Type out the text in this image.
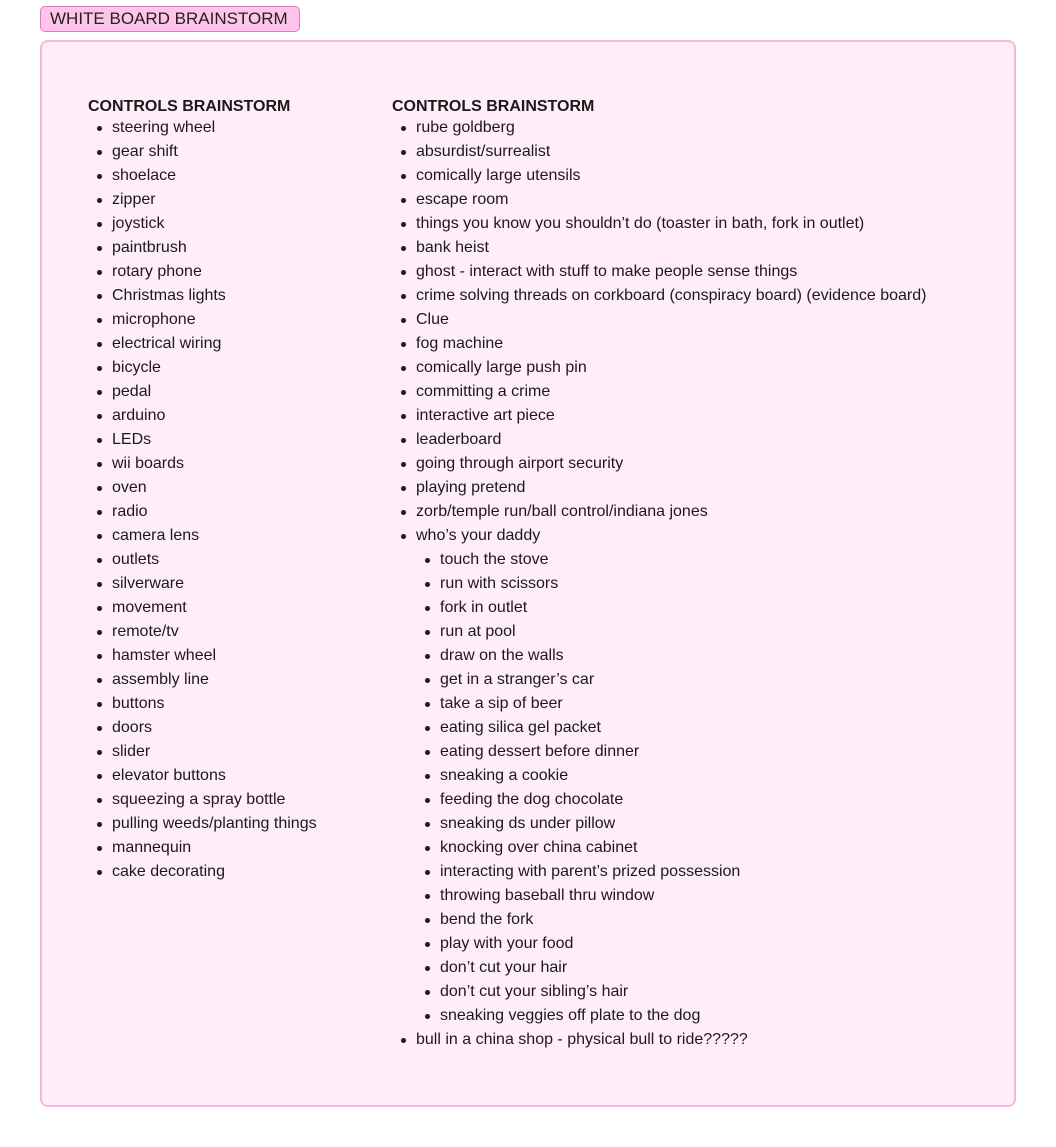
WHITE BOARD BRAINSTORM
CONTROLS BRAINSTORM
steering wheel
gear shift
shoelace
zipper
joystick
paintbrush
rotary phone
Christmas lights
microphone
electrical wiring
bicycle
pedal
arduino
LEDs
wii boards
oven
radio
camera lens
outlets
silverware
movement
remote/tv
hamster wheel
assembly line
buttons
doors
slider
elevator buttons
squeezing a spray bottle
pulling weeds/planting things
mannequin
cake decorating
CONTROLS BRAINSTORM
rube goldberg
absurdist/surrealist
comically large utensils
escape room
things you know you shouldn’t do (toaster in bath, fork in outlet)
bank heist
ghost - interact with stuff to make people sense things
crime solving threads on corkboard (conspiracy board) (evidence board)
Clue
fog machine
comically large push pin
committing a crime
interactive art piece
leaderboard
going through airport security
playing pretend
zorb/temple run/ball control/indiana jones
who’s your daddy
touch the stove
run with scissors
fork in outlet
run at pool
draw on the walls
get in a stranger’s car
take a sip of beer
eating silica gel packet
eating dessert before dinner
sneaking a cookie
feeding the dog chocolate
sneaking ds under pillow
knocking over china cabinet
interacting with parent’s prized possession
throwing baseball thru window
bend the fork
play with your food
don’t cut your hair
don’t cut your sibling’s hair
sneaking veggies off plate to the dog
bull in a china shop - physical bull to ride?????
